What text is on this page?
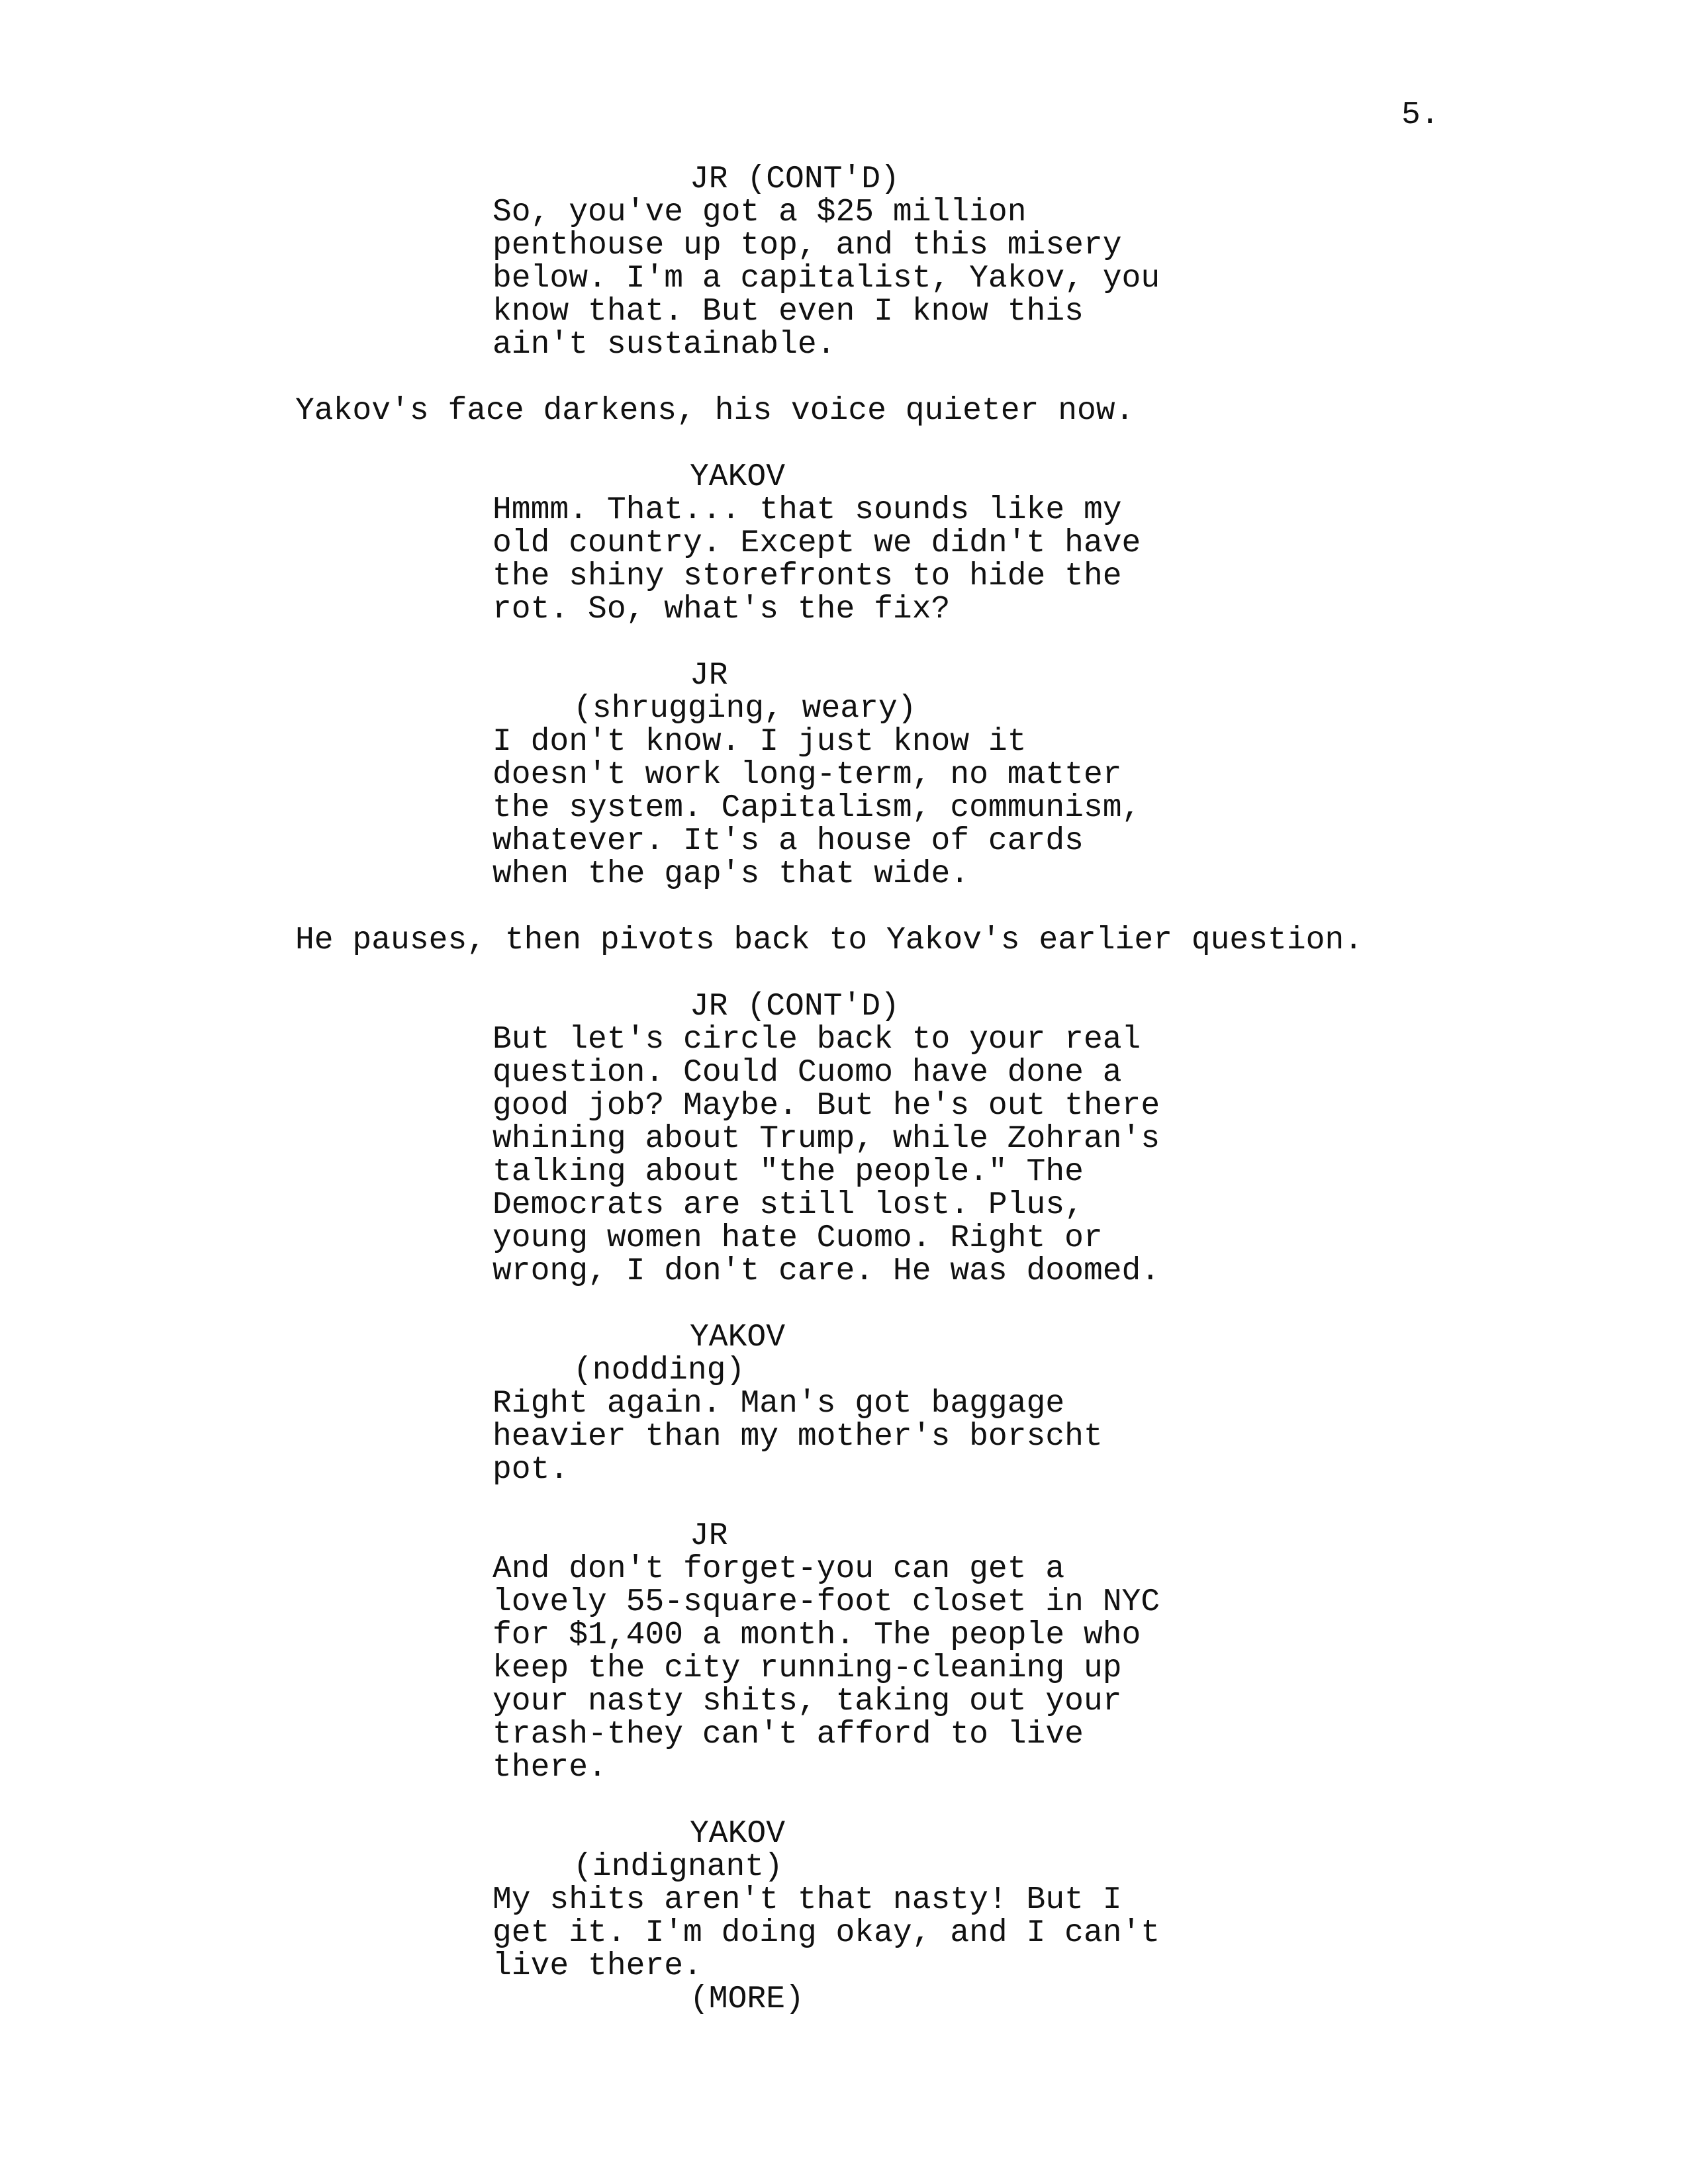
5.
JR (CONT'D)
So, you've got a $25 million
penthouse up top, and this misery
below. I'm a capitalist, Yakov, you
know that. But even I know this
ain't sustainable.
Yakov's face darkens, his voice quieter now.
YAKOV
Hmmm. That... that sounds like my
old country. Except we didn't have
the shiny storefronts to hide the
rot. So, what's the fix?
JR
(shrugging, weary)
I don't know. I just know it
doesn't work long-term, no matter
the system. Capitalism, communism,
whatever. It's a house of cards
when the gap's that wide.
He pauses, then pivots back to Yakov's earlier question.
JR (CONT'D)
But let's circle back to your real
question. Could Cuomo have done a
good job? Maybe. But he's out there
whining about Trump, while Zohran's
talking about "the people." The
Democrats are still lost. Plus,
young women hate Cuomo. Right or
wrong, I don't care. He was doomed.
YAKOV
(nodding)
Right again. Man's got baggage
heavier than my mother's borscht
pot.
JR
And don't forget-you can get a
lovely 55-square-foot closet in NYC
for $1,400 a month. The people who
keep the city running-cleaning up
your nasty shits, taking out your
trash-they can't afford to live
there.
YAKOV
(indignant)
My shits aren't that nasty! But I
get it. I'm doing okay, and I can't
live there.
(MORE)
